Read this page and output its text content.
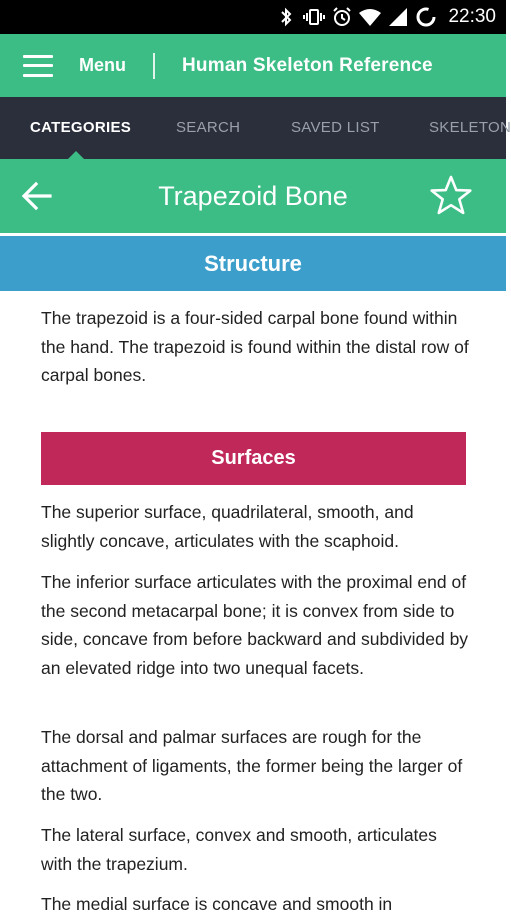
22:30
Menu	Human Skeleton Reference
CATEGORIES	SEARCH	SAVED LIST	SKELETON
Trapezoid Bone
Structure

The trapezoid is a four-sided carpal bone found within the hand. The trapezoid is found within the distal row of carpal bones.

Surfaces

The superior surface, quadrilateral, smooth, and slightly concave, articulates with the scaphoid.

The inferior surface articulates with the proximal end of the second metacarpal bone; it is convex from side to side, concave from before backward and subdivided by an elevated ridge into two unequal facets.

The dorsal and palmar surfaces are rough for the attachment of ligaments, the former being the larger of the two.

The lateral surface, convex and smooth, articulates with the trapezium.

The medial surface is concave and smooth in
